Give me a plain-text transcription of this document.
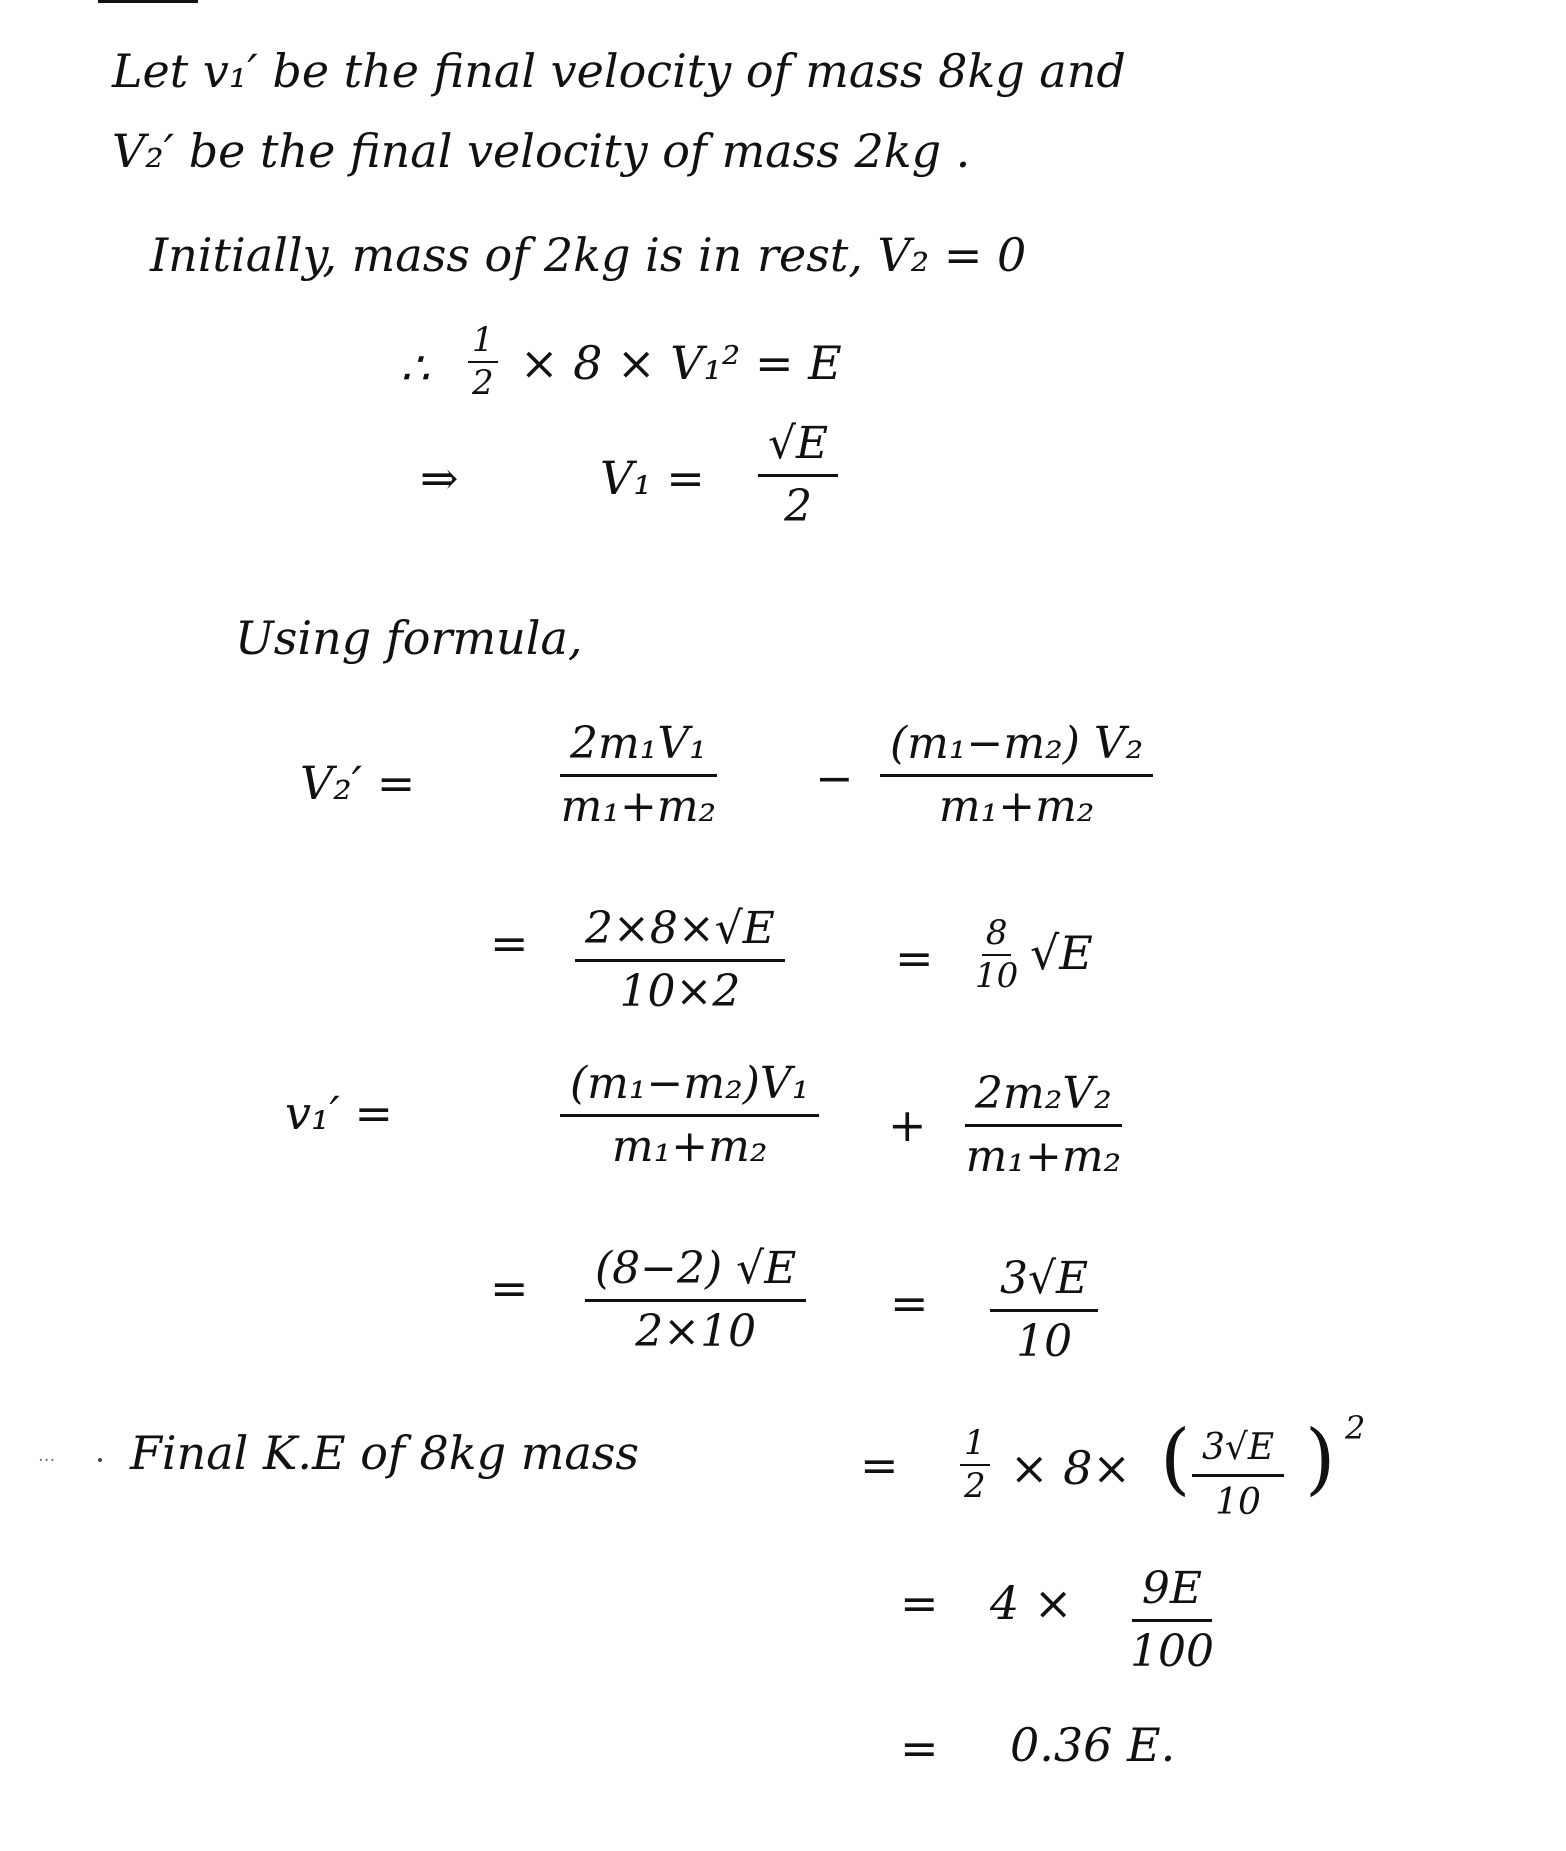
Let v₁′ be the final velocity of mass 8kg and
V₂′ be the final velocity of mass 2kg .
Initially, mass of 2kg is in rest, V₂ = 0
∴ $\frac{1}{2} \times 8 \times V_1^2 = E$
⇒	$V_1 = \frac{√E}{2}$
Using formula,
V₂′ =	$\frac{\text{2m₁V₁}}{\text{m₁+m₂}} - \frac{\text{(m₁−m₂) V₂}}{\text{m₁+m₂}}$
= $\frac{2\times 8\times√E}{10\times 2} = \frac{8}{10} √E$
v₁′ =	$\frac{\text{(m₁−m₂)V₁}}{\text{m₁+m₂}} + \frac{\text{2m₂V₂}}{\text{m₁+m₂}}$
= $\frac{(8-2) √E}{2\times 10} = \frac{3√E}{10}$
··· Final K.E of 8kg mass	= $\frac{1}{2} \times 8\times$ ( $\frac{3√E}{10}$ ) 2
= $4 \times \frac{9E}{100}$
= 0.36 E.
